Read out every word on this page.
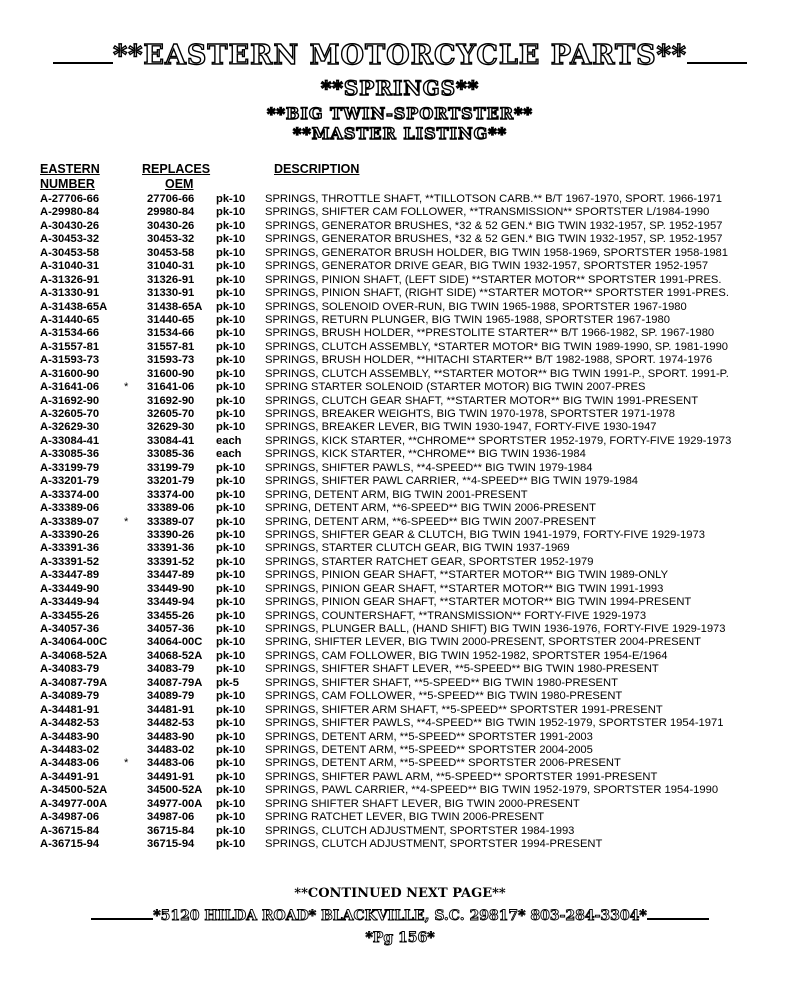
**EASTERN MOTORCYCLE PARTS**
**SPRINGS**
**BIG TWIN-SPORTSTER**
**MASTER LISTING**
EASTERN
NUMBER
REPLACES
OEM
DESCRIPTION
A-27706-66	27706-66 pk-10 SPRINGS, THROTTLE SHAFT, **TILLOTSON CARB.** B/T 1967-1970, SPORT. 1966-1971
A-29980-84	29980-84 pk-10 SPRINGS, SHIFTER CAM FOLLOWER, **TRANSMISSION** SPORTSTER L/1984-1990
A-30430-26	30430-26 pk-10 SPRINGS, GENERATOR BRUSHES, *32 & 52 GEN.* BIG TWIN 1932-1957, SP. 1952-1957
A-30453-32	30453-32 pk-10 SPRINGS, GENERATOR BRUSHES, *32 & 52 GEN.* BIG TWIN 1932-1957, SP. 1952-1957
A-30453-58	30453-58 pk-10 SPRINGS, GENERATOR BRUSH HOLDER, BIG TWIN 1958-1969, SPORTSTER 1958-1981
A-31040-31	31040-31 pk-10 SPRINGS, GENERATOR DRIVE GEAR, BIG TWIN 1932-1957, SPORTSTER 1952-1957
A-31326-91	31326-91 pk-10 SPRINGS, PINION SHAFT, (LEFT SIDE) **STARTER MOTOR** SPORTSTER 1991-PRES.
A-31330-91	31330-91 pk-10 SPRINGS, PINION SHAFT, (RIGHT SIDE) **STARTER MOTOR** SPORTSTER 1991-PRES.
A-31438-65A	31438-65A pk-10 SPRINGS, SOLENOID OVER-RUN, BIG TWIN 1965-1988, SPORTSTER 1967-1980
A-31440-65	31440-65 pk-10 SPRINGS, RETURN PLUNGER, BIG TWIN 1965-1988, SPORTSTER 1967-1980
A-31534-66	31534-66 pk-10 SPRINGS, BRUSH HOLDER, **PRESTOLITE STARTER** B/T 1966-1982, SP. 1967-1980
A-31557-81	31557-81 pk-10 SPRINGS, CLUTCH ASSEMBLY, *STARTER MOTOR* BIG TWIN 1989-1990, SP. 1981-1990
A-31593-73	31593-73 pk-10 SPRINGS, BRUSH HOLDER, **HITACHI STARTER** B/T 1982-1988, SPORT. 1974-1976
A-31600-90	31600-90 pk-10 SPRINGS, CLUTCH ASSEMBLY, **STARTER MOTOR** BIG TWIN 1991-P., SPORT. 1991-P.
A-31641-06 * 31641-06 pk-10 SPRING STARTER SOLENOID (STARTER MOTOR) BIG TWIN 2007-PRES
A-31692-90	31692-90 pk-10 SPRINGS, CLUTCH GEAR SHAFT, **STARTER MOTOR** BIG TWIN 1991-PRESENT
A-32605-70	32605-70 pk-10 SPRINGS, BREAKER WEIGHTS, BIG TWIN 1970-1978, SPORTSTER 1971-1978
A-32629-30	32629-30 pk-10 SPRINGS, BREAKER LEVER, BIG TWIN 1930-1947, FORTY-FIVE 1930-1947
A-33084-41	33084-41 each SPRINGS, KICK STARTER, **CHROME** SPORTSTER 1952-1979, FORTY-FIVE 1929-1973
A-33085-36	33085-36 each SPRINGS, KICK STARTER, **CHROME** BIG TWIN 1936-1984
A-33199-79	33199-79 pk-10 SPRINGS, SHIFTER PAWLS, **4-SPEED** BIG TWIN 1979-1984
A-33201-79	33201-79 pk-10 SPRINGS, SHIFTER PAWL CARRIER, **4-SPEED** BIG TWIN 1979-1984
A-33374-00	33374-00 pk-10 SPRING, DETENT ARM, BIG TWIN 2001-PRESENT
A-33389-06	33389-06 pk-10 SPRING, DETENT ARM, **6-SPEED** BIG TWIN 2006-PRESENT
A-33389-07 * 33389-07 pk-10 SPRING, DETENT ARM, **6-SPEED** BIG TWIN 2007-PRESENT
A-33390-26	33390-26 pk-10 SPRINGS, SHIFTER GEAR & CLUTCH, BIG TWIN 1941-1979, FORTY-FIVE 1929-1973
A-33391-36	33391-36 pk-10 SPRINGS, STARTER CLUTCH GEAR, BIG TWIN 1937-1969
A-33391-52	33391-52 pk-10 SPRINGS, STARTER RATCHET GEAR, SPORTSTER 1952-1979
A-33447-89	33447-89 pk-10 SPRINGS, PINION GEAR SHAFT, **STARTER MOTOR** BIG TWIN 1989-ONLY
A-33449-90	33449-90 pk-10 SPRINGS, PINION GEAR SHAFT, **STARTER MOTOR** BIG TWIN 1991-1993
A-33449-94	33449-94 pk-10 SPRINGS, PINION GEAR SHAFT, **STARTER MOTOR** BIG TWIN 1994-PRESENT
A-33455-26	33455-26 pk-10 SPRINGS, COUNTERSHAFT, **TRANSMISSION** FORTY-FIVE 1929-1973
A-34057-36	34057-36 pk-10 SPRINGS, PLUNGER BALL, (HAND SHIFT) BIG TWIN 1936-1976, FORTY-FIVE 1929-1973
A-34064-00C	34064-00C pk-10 SPRING, SHIFTER LEVER, BIG TWIN 2000-PRESENT, SPORTSTER 2004-PRESENT
A-34068-52A	34068-52A pk-10 SPRINGS, CAM FOLLOWER, BIG TWIN 1952-1982, SPORTSTER 1954-E/1964
A-34083-79	34083-79 pk-10 SPRINGS, SHIFTER SHAFT LEVER, **5-SPEED** BIG TWIN 1980-PRESENT
A-34087-79A	34087-79A pk-5 SPRINGS, SHIFTER SHAFT, **5-SPEED** BIG TWIN 1980-PRESENT
A-34089-79	34089-79 pk-10 SPRINGS, CAM FOLLOWER, **5-SPEED** BIG TWIN 1980-PRESENT
A-34481-91	34481-91 pk-10 SPRINGS, SHIFTER ARM SHAFT, **5-SPEED** SPORTSTER 1991-PRESENT
A-34482-53	34482-53 pk-10 SPRINGS, SHIFTER PAWLS, **4-SPEED** BIG TWIN 1952-1979, SPORTSTER 1954-1971
A-34483-90	34483-90 pk-10 SPRINGS, DETENT ARM, **5-SPEED** SPORTSTER 1991-2003
A-34483-02	34483-02 pk-10 SPRINGS, DETENT ARM, **5-SPEED** SPORTSTER 2004-2005
A-34483-06 * 34483-06 pk-10 SPRINGS, DETENT ARM, **5-SPEED** SPORTSTER 2006-PRESENT
A-34491-91	34491-91 pk-10 SPRINGS, SHIFTER PAWL ARM, **5-SPEED** SPORTSTER 1991-PRESENT
A-34500-52A	34500-52A pk-10 SPRINGS, PAWL CARRIER, **4-SPEED** BIG TWIN 1952-1979, SPORTSTER 1954-1990
A-34977-00A	34977-00A pk-10 SPRING SHIFTER SHAFT LEVER, BIG TWIN 2000-PRESENT
A-34987-06	34987-06 pk-10 SPRING RATCHET LEVER, BIG TWIN 2006-PRESENT
A-36715-84	36715-84 pk-10 SPRINGS, CLUTCH ADJUSTMENT, SPORTSTER 1984-1993
A-36715-94	36715-94 pk-10 SPRINGS, CLUTCH ADJUSTMENT, SPORTSTER 1994-PRESENT
**CONTINUED NEXT PAGE**
*5120 HILDA ROAD* BLACKVILLE, S.C. 29817* 803-284-3304*
*Pg 156*
